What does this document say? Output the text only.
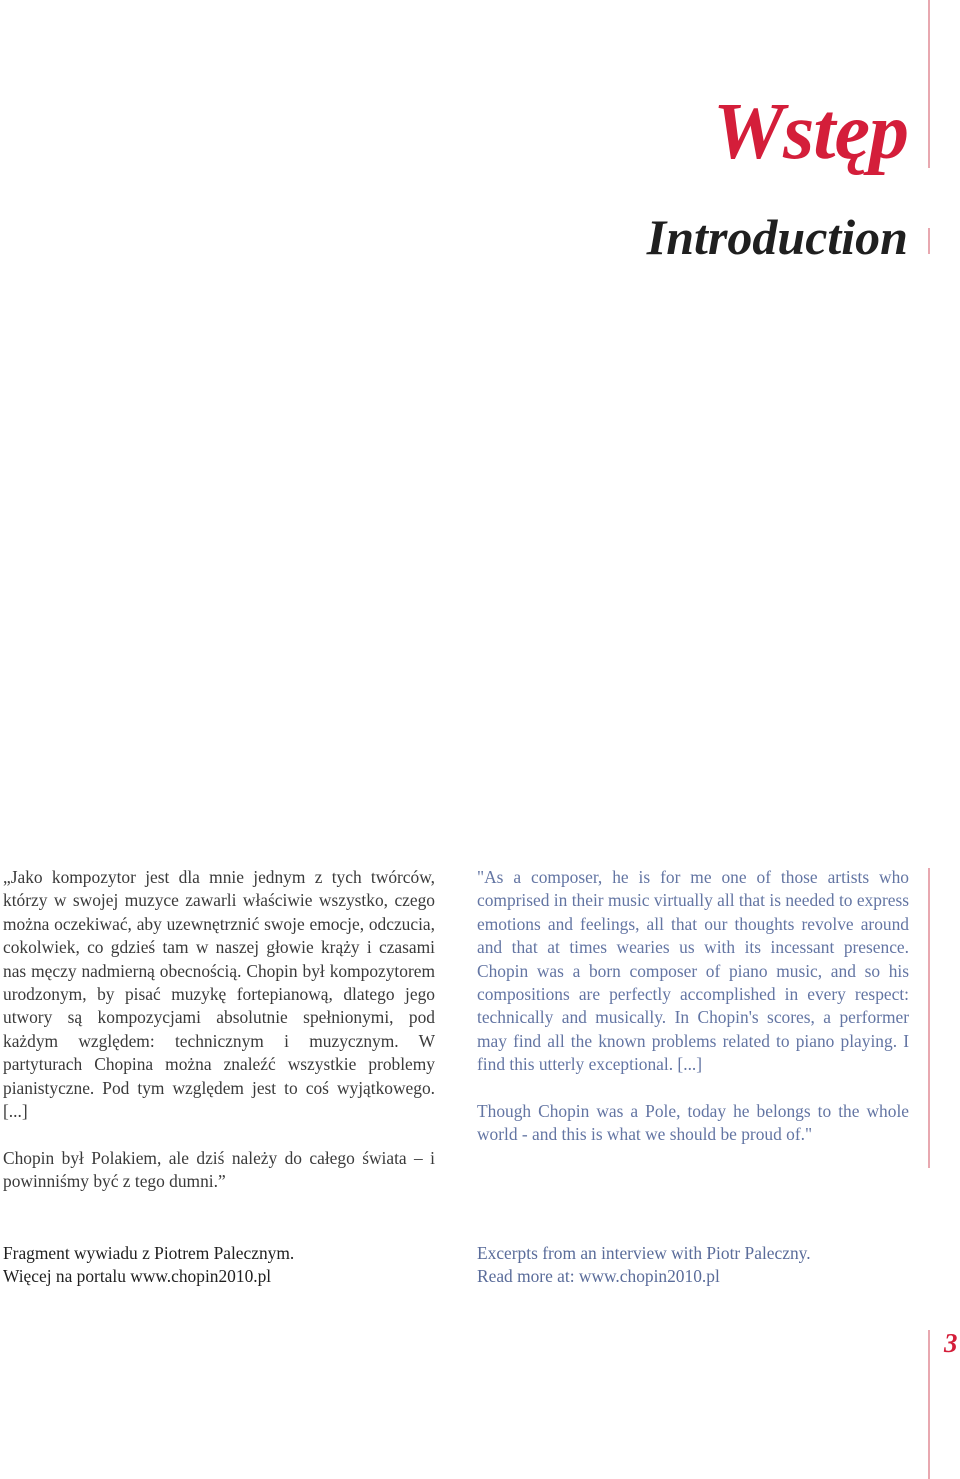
Wstęp
Introduction

„Jako kompozytor jest dla mnie jednym z tych twórców, którzy w swojej muzyce zawarli właściwie wszystko, czego można oczekiwać, aby uzewnętrznić swoje emocje, odczucia, cokolwiek, co gdzieś tam w naszej głowie krąży i czasami nas męczy nadmierną obecnością. Chopin był kompozytorem urodzonym, by pisać muzykę fortepianową, dlatego jego utwory są kompozycjami absolutnie spełnionymi, pod każdym względem: technicznym i muzycznym. W partyturach Chopina można znaleźć wszystkie problemy pianistyczne. Pod tym względem jest to coś wyjątkowego. [...]

Chopin był Polakiem, ale dziś należy do całego świata – i powinniśmy być z tego dumni.”

"As a composer, he is for me one of those artists who comprised in their music virtually all that is needed to express emotions and feelings, all that our thoughts revolve around and that at times wearies us with its incessant presence. Chopin was a born composer of piano music, and so his compositions are perfectly accomplished in every respect: technically and musically. In Chopin's scores, a performer may find all the known problems related to piano playing. I find this utterly exceptional. [...]

Though Chopin was a Pole, today he belongs to the whole world - and this is what we should be proud of."

Fragment wywiadu z Piotrem Palecznym.
Więcej na portalu www.chopin2010.pl
Excerpts from an interview with Piotr Paleczny.
Read more at: www.chopin2010.pl
3
